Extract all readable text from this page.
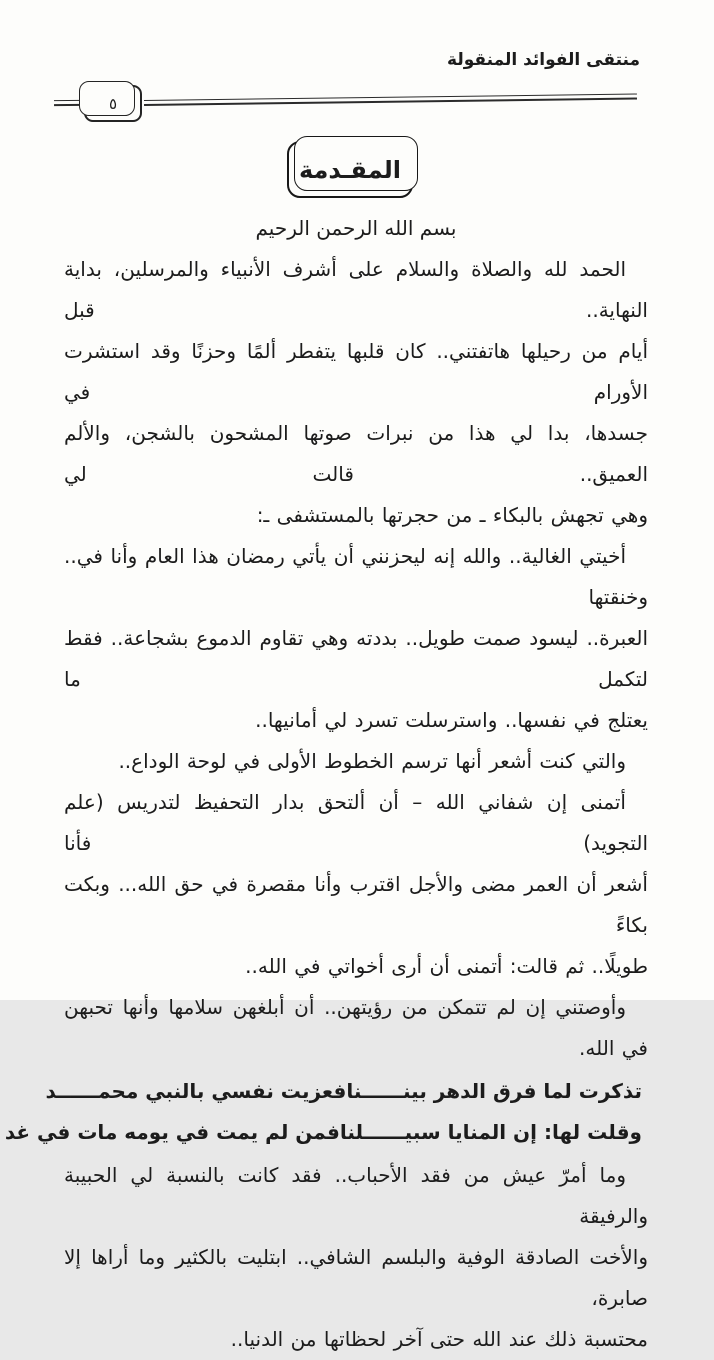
منتقى الفوائد المنقولة
٥
المقـدمة
بسم الله الرحمن الرحيم
الحمد لله والصلاة والسلام على أشرف الأنبياء والمرسلين، بداية النهاية.. قبل
أيام من رحيلها هاتفتني.. كان قلبها يتفطر ألمًا وحزنًا وقد استشرت الأورام في
جسدها، بدا لي هذا من نبرات صوتها المشحون بالشجن، والألم العميق.. قالت لي
وهي تجهش بالبكاء ـ من حجرتها بالمستشفى ـ:
أخيتي الغالية.. والله إنه ليحزنني أن يأتي رمضان هذا العام وأنا في.. وخنقتها
العبرة.. ليسود صمت طويل.. بددته وهي تقاوم الدموع بشجاعة.. فقط لتكمل ما
يعتلج في نفسها.. واسترسلت تسرد لي أمانيها..
والتي كنت أشعر أنها ترسم الخطوط الأولى في لوحة الوداع..
أتمنى إن شفاني الله – أن ألتحق بدار التحفيظ لتدريس (علم التجويد) فأنا
أشعر أن العمر مضى والأجل اقترب وأنا مقصرة في حق الله... وبكت بكاءً
طويلًا.. ثم قالت: أتمنى أن أرى أخواتي في الله..
وأوصتني إن لم تتمكن من رؤيتهن.. أن أبلغهن سلامها وأنها تحبهن في الله.
تذكرت لما فرق الدهر بينــــــنا
فعزيت نفسي بالنبي محمــــــد
وقلت لها: إن المنايا سبيــــــلنا
فمن لم يمت في يومه مات في غد
وما أمرّ عيش من فقد الأحباب.. فقد كانت بالنسبة لي الحبيبة والرفيقة
والأخت الصادقة الوفية والبلسم الشافي.. ابتليت بالكثير وما أراها إلا صابرة،
محتسبة ذلك عند الله حتى آخر لحظاتها من الدنيا..
